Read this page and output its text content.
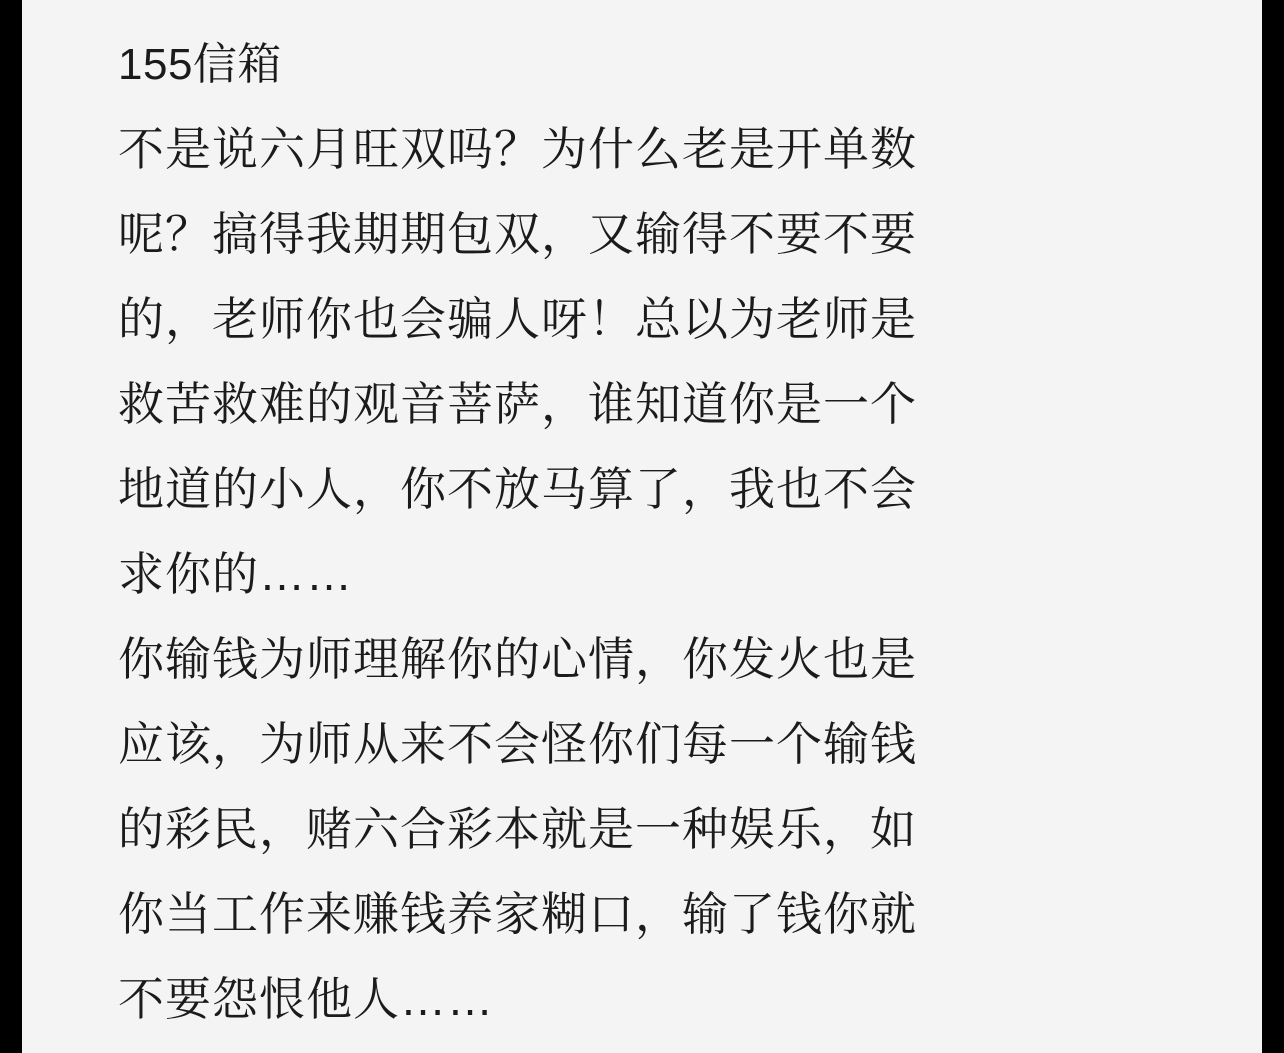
155信箱
不是说六月旺双吗？为什么老是开单数
呢？搞得我期期包双，又输得不要不要
的，老师你也会骗人呀！总以为老师是
救苦救难的观音菩萨，谁知道你是一个
地道的小人，你不放马算了，我也不会
求你的……
你输钱为师理解你的心情，你发火也是
应该，为师从来不会怪你们每一个输钱
的彩民，赌六合彩本就是一种娱乐，如
你当工作来赚钱养家糊口，输了钱你就
不要怨恨他人……
